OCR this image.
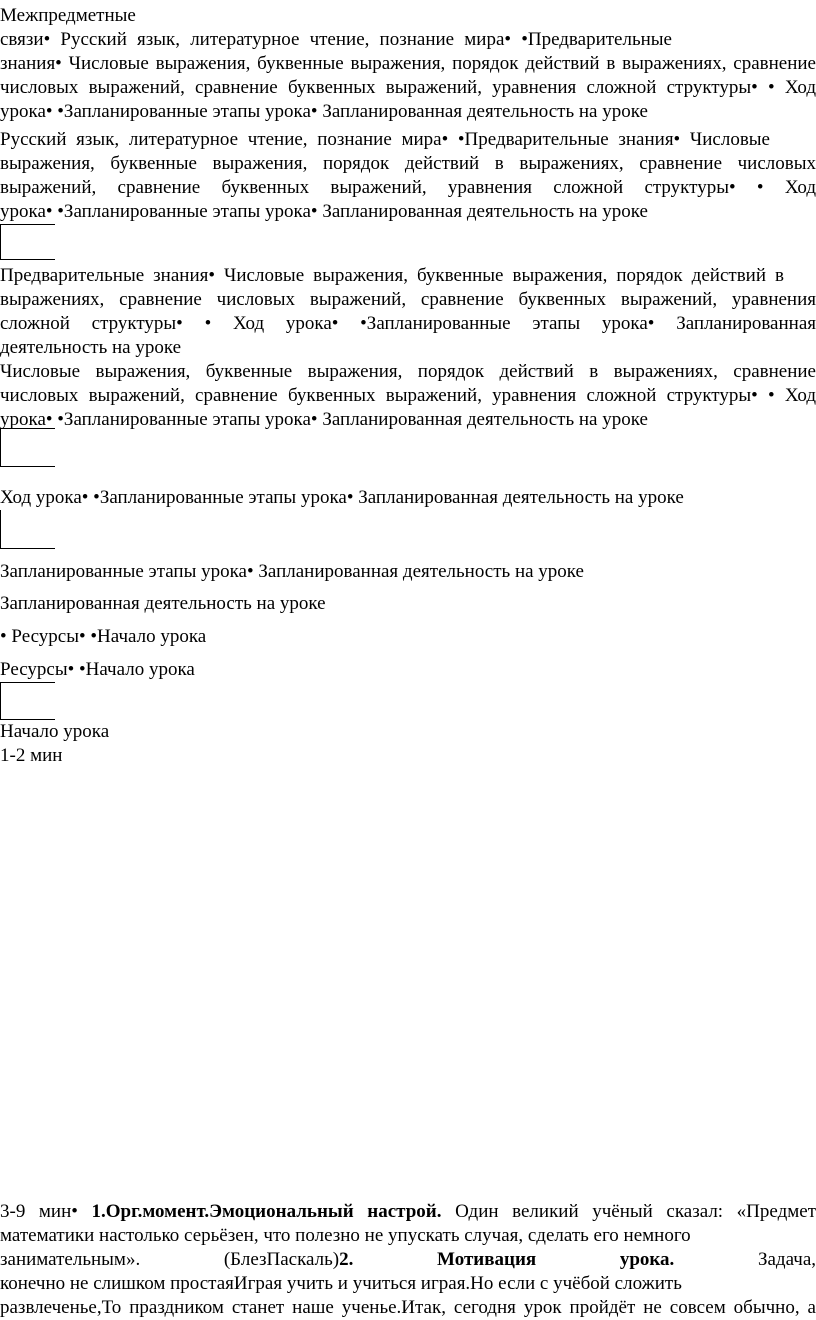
Межпредметные
связи• Русский язык, литературное чтение, познание мира• •Предварительные
знания• Числовые выражения, буквенные выражения, порядок действий в выражениях, сравнение
числовых выражений, сравнение буквенных выражений, уравнения сложной структуры• • Ход
урока• •Запланированные этапы урока• Запланированная деятельность на уроке
Русский язык, литературное чтение, познание мира• •Предварительные знания• Числовые
выражения, буквенные выражения, порядок действий в выражениях, сравнение числовых
выражений, сравнение буквенных выражений, уравнения сложной структуры• • Ход
урока• •Запланированные этапы урока• Запланированная деятельность на уроке
Предварительные знания• Числовые выражения, буквенные выражения, порядок действий в
выражениях, сравнение числовых выражений, сравнение буквенных выражений, уравнения
сложной структуры• • Ход урока• •Запланированные этапы урока• Запланированная
деятельность на уроке
Числовые выражения, буквенные выражения, порядок действий в выражениях, сравнение
числовых выражений, сравнение буквенных выражений, уравнения сложной структуры• • Ход
урока• •Запланированные этапы урока• Запланированная деятельность на уроке
Ход урока• •Запланированные этапы урока• Запланированная деятельность на уроке
Запланированные этапы урока• Запланированная деятельность на уроке
Запланированная деятельность на уроке
• Ресурсы• •Начало урока
Ресурсы• •Начало урока
Начало урока
1-2 мин
3-9 мин• 1.Орг.момент.Эмоциональный настрой. Один великий учёный сказал: «Предмет
математики настолько серьёзен, что полезно не упускать случая, сделать его немного
занимательным». (БлезПаскаль)2. Мотивация урока.	Задача,
конечно не слишком простаяИграя учить и учиться играя.Но если с учёбой сложить
развлеченье,То праздником станет наше ученье.Итак, сегодня урок пройдёт не совсем обычно, а
